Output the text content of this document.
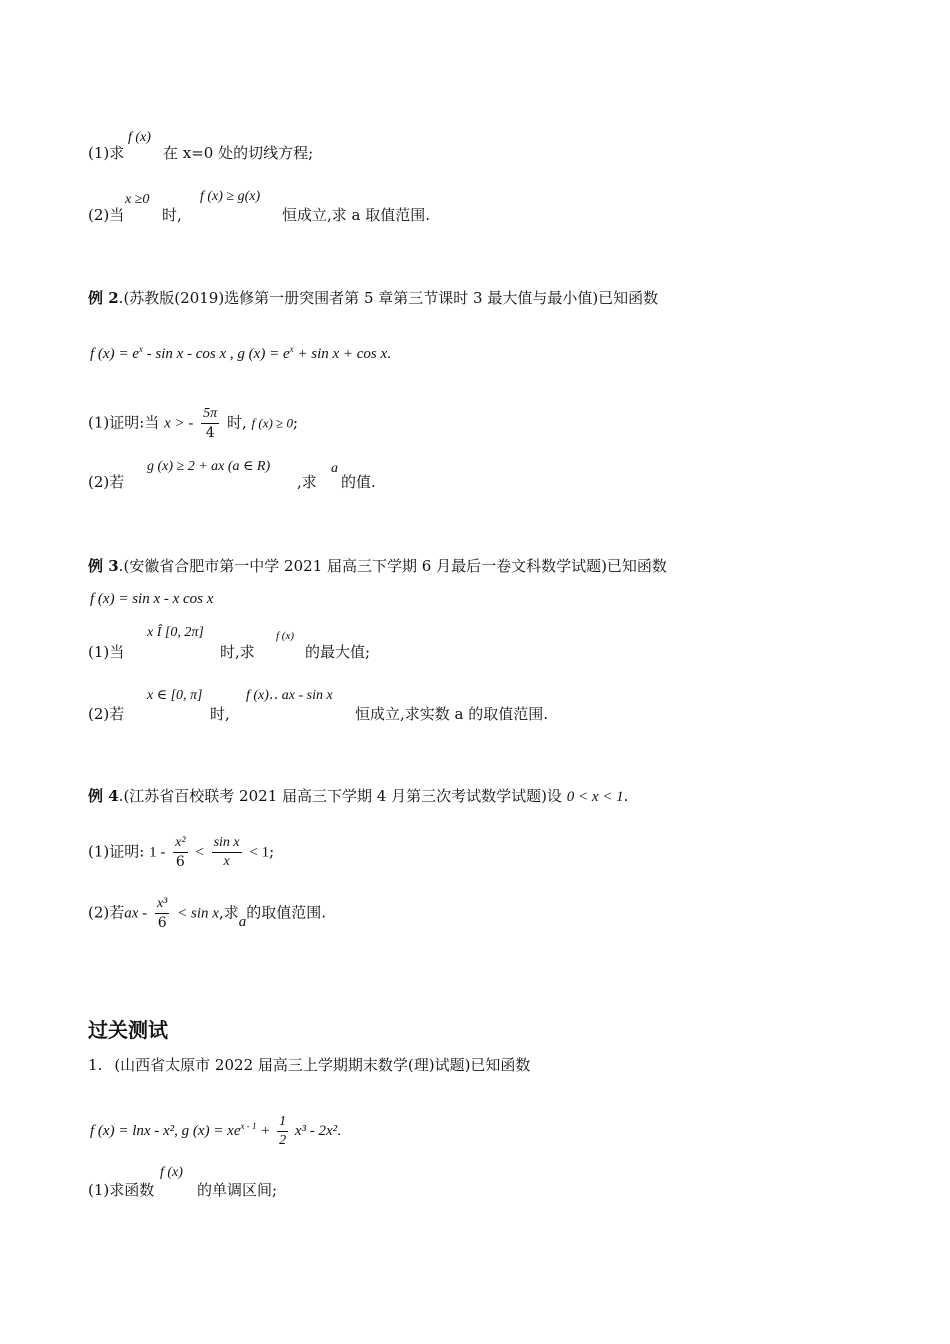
(1)求
f (x)
在 x=0 处的切线方程;
(2)当
x ≥0
时,
f (x) ≥ g(x)
恒成立,求 a 取值范围.
例 2.(苏教版(2019)选修第一册突围者第 5 章第三节课时 3 最大值与最小值)已知函数
f $(x) = e^x - \sin x - \cos x$ , g $(x) = e^x + \sin x + \cos x$.
(1)证明:当 x > - $\frac{5\pi}{4}$ 时, f (x) ≥ 0;
(2)若
g (x) ≥ 2 + ax (a ∈ R)
,求
a
的值.
例 3.(安徽省合肥市第一中学 2021 届高三下学期 6 月最后一卷文科数学试题)已知函数
f (x) = sin x - x cos x
(1)当
x Î [0, 2π]
时,求
f (x)
的最大值;
(2)若
x ∈ [0, π]
时,
f (x)‥ ax - sin x
恒成立,求实数 a 的取值范围.
例 4.(江苏省百校联考 2021 届高三下学期 4 月第三次考试数学试题)设 0 < x < 1.
(1)证明: $1 - \frac{\text{x²}}{6} < \frac{\text{sin x}}{x} < 1$;
(2)若ax - $\frac{\text{x³}}{6} < \sin x$,求a的取值范围.
过关测试
1. (山西省太原市 2022 届高三上学期期末数学(理)试题)已知函数
f (x) = lnx - x², g $(x) = xe^{x - 1} + \frac{1}{2} x^3 - 2x^2$.
(1)求函数
f (x)
的单调区间;
